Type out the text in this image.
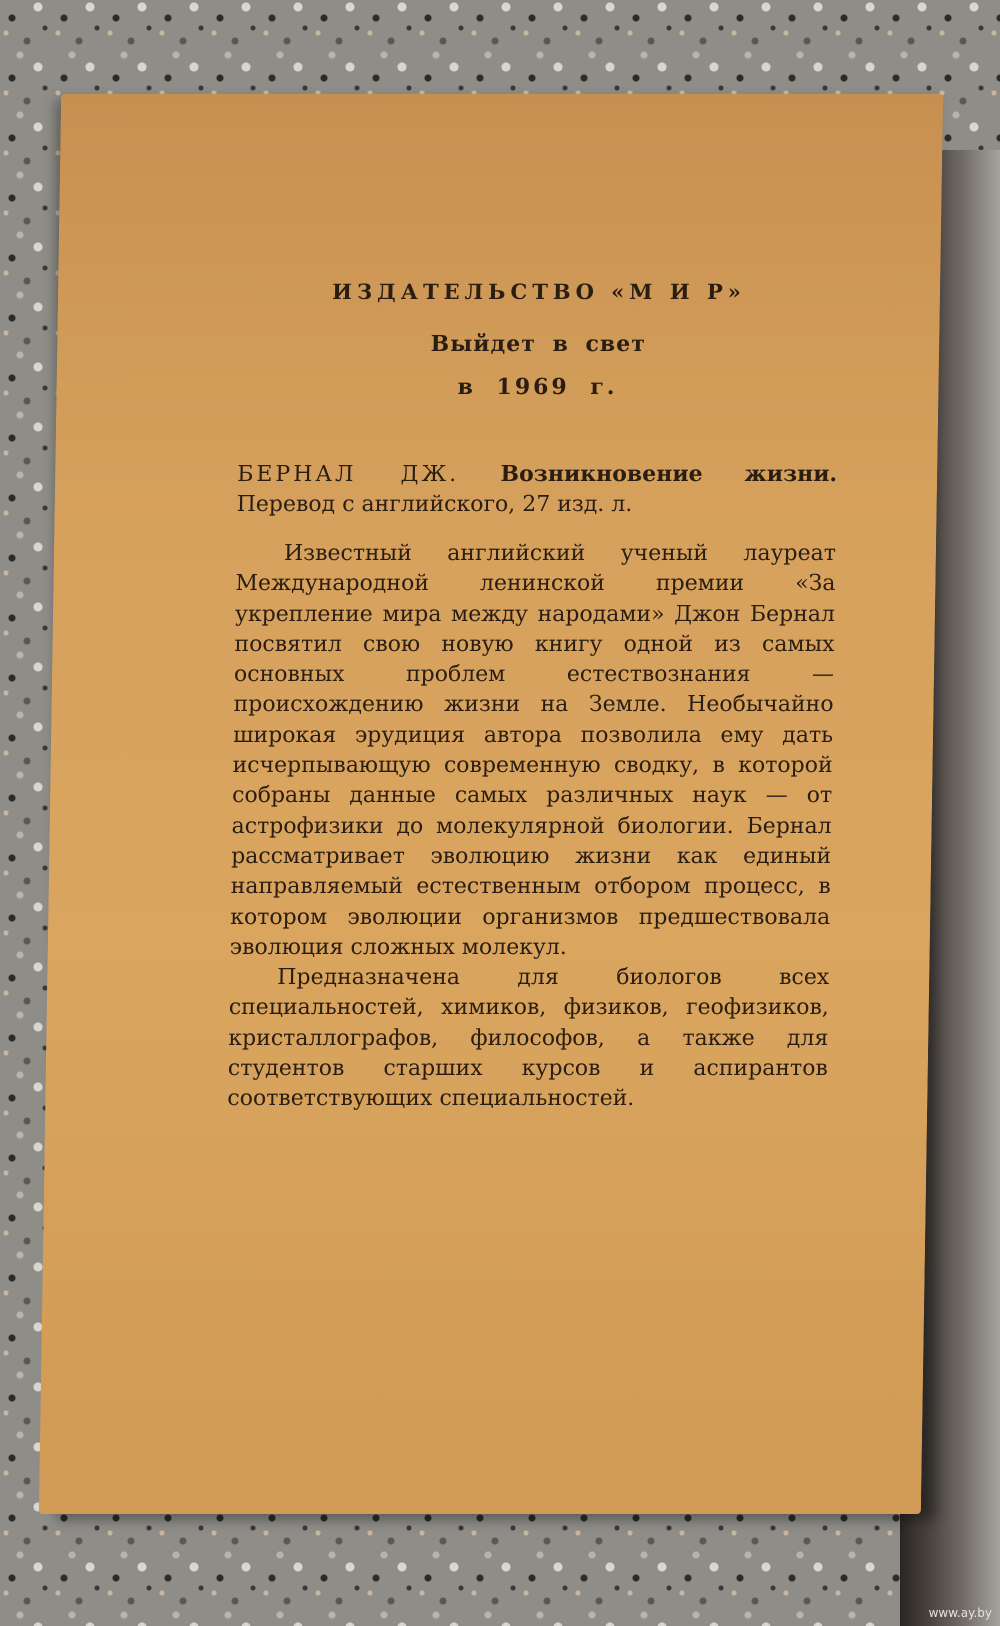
ИЗДАТЕЛЬСТВО «М И Р»
Выйдет в свет
в 1969 г.
БЕРНАЛ ДЖ. Возникновение жизни. Перевод с английского, 27 изд. л.

Известный английский ученый лауреат Международной ленинской премии «За укрепление мира между народами» Джон Бернал посвятил свою новую книгу одной из самых основных проблем естествознания — происхождению жизни на Земле. Необычайно широкая эрудиция автора позволила ему дать исчерпывающую современную сводку, в которой собраны данные самых различных наук — от астрофизики до молекулярной биологии. Бернал рассматривает эволюцию жизни как единый направляемый естественным отбором процесс, в котором эволюции организмов предшествовала эволюция сложных молекул.

Предназначена для биологов всех специальностей, химиков, физиков, геофизиков, кристаллографов, философов, а также для студентов старших курсов и аспирантов соответствующих специальностей.

www.ay.by
